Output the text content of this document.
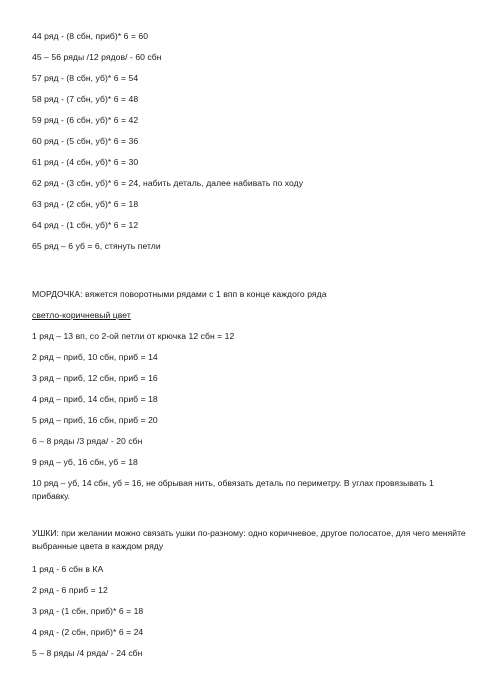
44 ряд - (8 сбн, приб)* 6 = 60
45 – 56 ряды /12 рядов/ - 60 сбн
57 ряд - (8 сбн, уб)* 6 = 54
58 ряд - (7 сбн, уб)* 6 = 48
59 ряд - (6 сбн, уб)* 6 = 42
60 ряд - (5 сбн, уб)* 6 = 36
61 ряд - (4 сбн, уб)* 6 = 30
62 ряд - (3 сбн, уб)* 6 = 24, набить деталь, далее набивать по ходу
63 ряд - (2 сбн, уб)* 6 = 18
64 ряд - (1 сбн, уб)* 6 = 12
65 ряд – 6 уб = 6, стянуть петли
МОРДОЧКА: вяжется поворотными рядами с 1 впп в конце каждого ряда
светло-коричневый цвет
1 ряд – 13 вп, со 2-ой петли от крючка 12 сбн = 12
2 ряд – приб, 10 сбн, приб = 14
3 ряд – приб, 12 сбн, приб = 16
4 ряд – приб, 14 сбн, приб = 18
5 ряд – приб, 16 сбн, приб = 20
6 – 8 ряды /3 ряда/ - 20 сбн
9 ряд – уб, 16 сбн, уб = 18
10 ряд – уб, 14 сбн, уб = 16, не обрывая нить, обвязать деталь по периметру. В углах провязывать 1 прибавку.
УШКИ: при желании можно связать ушки по-разному: одно коричневое, другое полосатое, для чего меняйте выбранные цвета в каждом ряду
1 ряд - 6 сбн в КА
2 ряд - 6 приб = 12
3 ряд - (1 сбн, приб)* 6 = 18
4 ряд - (2 сбн, приб)* 6 = 24
5 – 8 ряды /4 ряда/ - 24 сбн
